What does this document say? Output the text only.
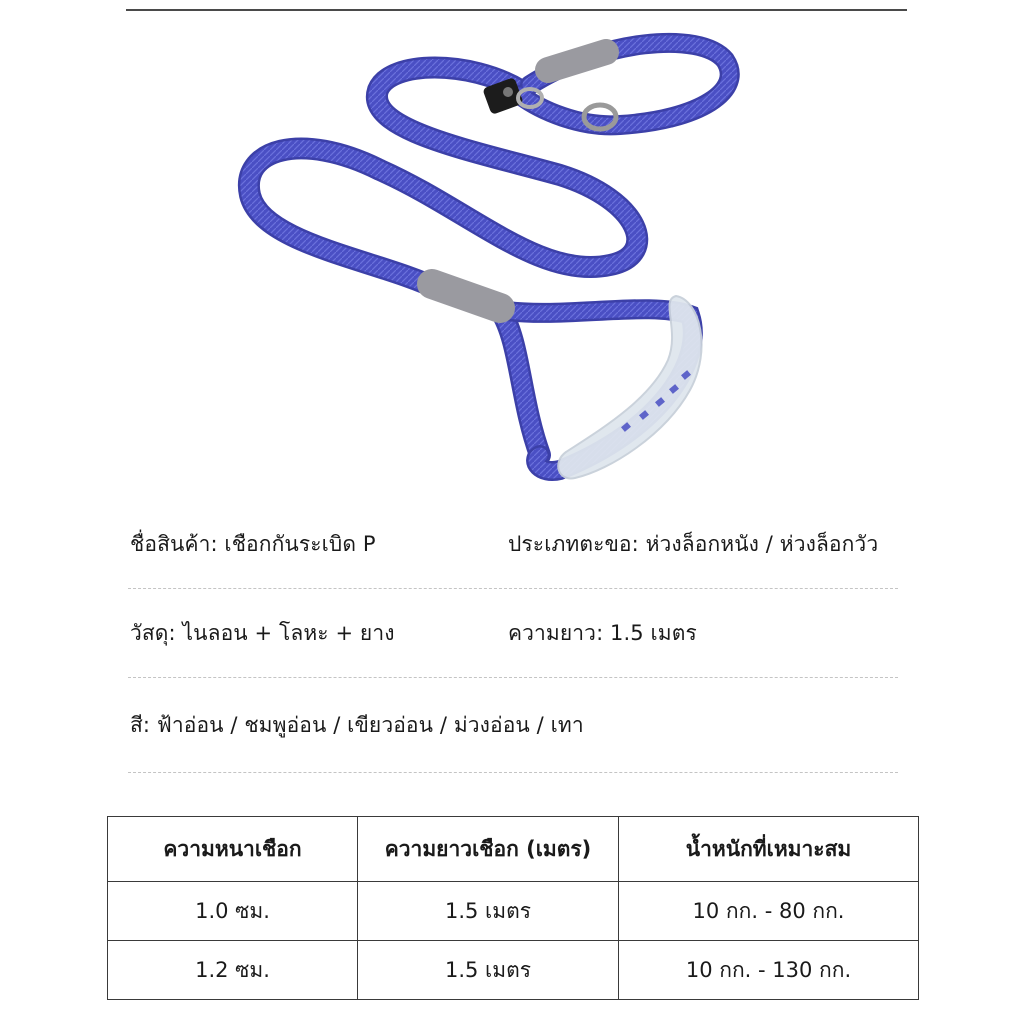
ชื่อสินค้า: เชือกกันระเบิด P	ประเภทตะขอ: ห่วงล็อกหนัง / ห่วงล็อกวัว
วัสดุ: ไนลอน + โลหะ + ยาง	ความยาว: 1.5 เมตร
สี: ฟ้าอ่อน / ชมพูอ่อน / เขียวอ่อน / ม่วงอ่อน / เทา
ความหนาเชือก	ความยาวเชือก (เมตร)	น้ำหนักที่เหมาะสม
1.0 ซม.	1.5 เมตร	10 กก. - 80 กก.
1.2 ซม.	1.5 เมตร	10 กก. - 130 กก.
